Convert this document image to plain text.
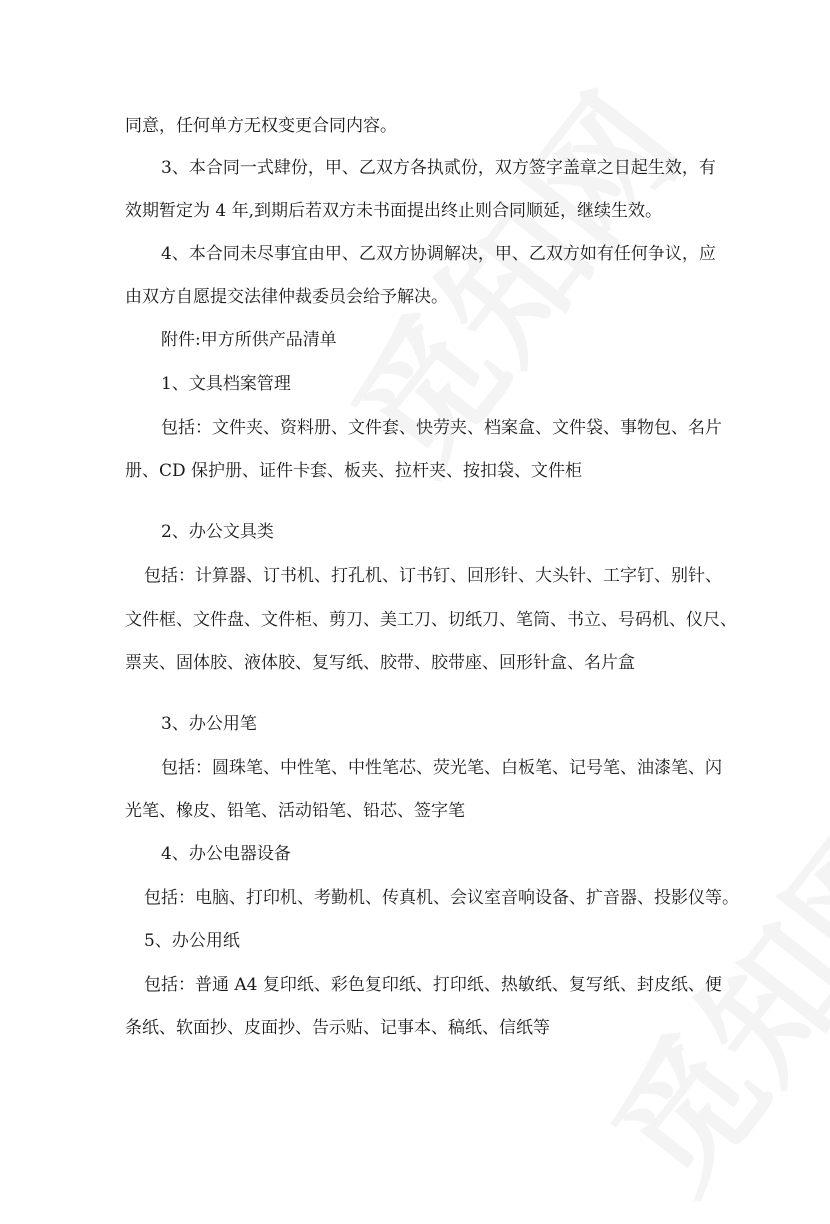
同意，任何单方无权变更合同内容。
3、本合同一式肆份，甲、乙双方各执贰份，双方签字盖章之日起生效，有
效期暂定为 4 年,到期后若双方未书面提出终止则合同顺延，继续生效。
4、本合同未尽事宜由甲、乙双方协调解决，甲、乙双方如有任何争议，应
由双方自愿提交法律仲裁委员会给予解决。
附件:甲方所供产品清单
1、文具档案管理
包括：文件夹、资料册、文件套、快劳夹、档案盒、文件袋、事物包、名片
册、CD 保护册、证件卡套、板夹、拉杆夹、按扣袋、文件柜
2、办公文具类
包括：计算器、订书机、打孔机、订书钉、回形针、大头针、工字钉、别针、
文件框、文件盘、文件柜、剪刀、美工刀、切纸刀、笔筒、书立、号码机、仪尺、
票夹、固体胶、液体胶、复写纸、胶带、胶带座、回形针盒、名片盒
3、办公用笔
包括：圆珠笔、中性笔、中性笔芯、荧光笔、白板笔、记号笔、油漆笔、闪
光笔、橡皮、铅笔、活动铅笔、铅芯、签字笔
4、办公电器设备
包括：电脑、打印机、考勤机、传真机、会议室音响设备、扩音器、投影仪等。
5、办公用纸
包括：普通 A4 复印纸、彩色复印纸、打印纸、热敏纸、复写纸、封皮纸、便
条纸、软面抄、皮面抄、告示贴、记事本、稿纸、信纸等
